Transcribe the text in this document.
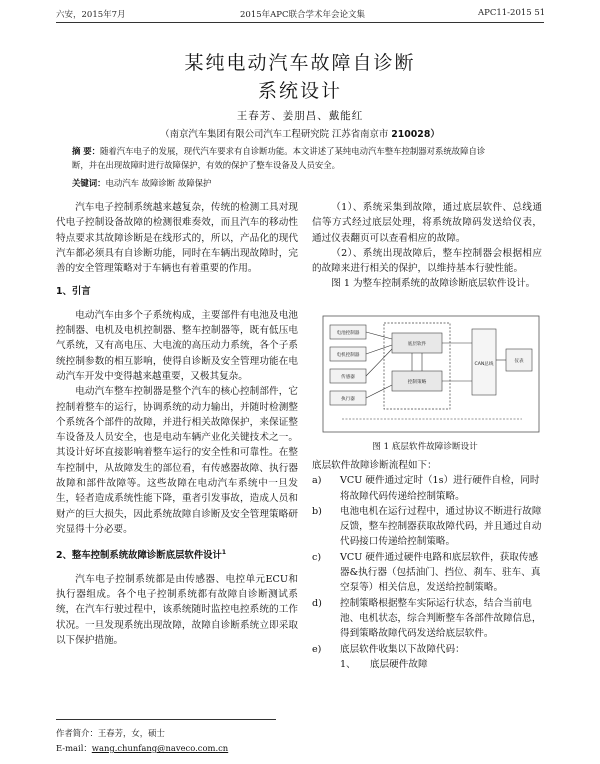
六安，2015年7月	2015年APC联合学术年会论文集	APC11-2015 51
某纯电动汽车故障自诊断
系统设计
王春芳、姜朋昌、戴能红
（南京汽车集团有限公司汽车工程研究院 江苏省南京市 210028）
摘 要：随着汽车电子的发展，现代汽车要求有自诊断功能。本文讲述了某纯电动汽车整车控制器对系统故障自诊
断，并在出现故障时进行故障保护，有效的保护了整车设备及人员安全。
关键词：电动汽车 故障诊断 故障保护

汽车电子控制系统越来越复杂，传统的检测工具对现代电子控制设备故障的检测很难奏效，而且汽车的移动性特点要求其故障诊断是在线形式的，所以，产品化的现代汽车都必须具有自诊断功能，同时在车辆出现故障时，完善的安全管理策略对于车辆也有着重要的作用。

1、引言

电动汽车由多个子系统构成，主要部件有电池及电池控制器、电机及电机控制器、整车控制器等，既有低压电气系统，又有高电压、大电流的高压动力系统，各个子系统控制参数的相互影响，使得自诊断及安全管理功能在电动汽车开发中变得越来越重要，又极其复杂。

电动汽车整车控制器是整个汽车的核心控制部件，它控制着整车的运行，协调系统的动力输出，并随时检测整个系统各个部件的故障，并进行相关故障保护，来保证整车设备及人员安全，也是电动车辆产业化关键技术之一。其设计好坏直接影响着整车运行的安全性和可靠性。在整车控制中，从故障发生的部位看，有传感器故障、执行器故障和部件故障等。这些故障在电动汽车系统中一旦发生，轻者造成系统性能下降，重者引发事故，造成人员和财产的巨大损失，因此系统故障自诊断及安全管理策略研究显得十分必要。

2、整车控制系统故障诊断底层软件设计$^1$

汽车电子控制系统都是由传感器、电控单元ECU和执行器组成。各个电子控制系统都有故障自诊断测试系统，在汽车行驶过程中，该系统随时监控电控系统的工作状况。一旦发现系统出现故障，故障自诊断系统立即采取以下保护措施。

（1）、系统采集到故障，通过底层软件、总线通信等方式经过底层处理，将系统故障码发送给仪表，通过仪表翻页可以查看相应的故障。

（2）、系统出现故障后，整车控制器会根据相应的故障来进行相关的保护，以维持基本行驶性能。

图 1 为整车控制系统的故障诊断底层软件设计。

电池控制器
电机控制器
传感器
执行器
底层软件
控制策略
CAN总线
仪表
图 1 底层软件故障诊断设计
底层软件故障诊断流程如下：
a) VCU 硬件通过定时（1s）进行硬件自检，同时将故障代码传递给控制策略。
b) 电池电机在运行过程中，通过协议不断进行故障反馈，整车控制器获取故障代码，并且通过自动代码接口传递给控制策略。
c) VCU 硬件通过硬件电路和底层软件，获取传感器&执行器（包括油门、挡位、刹车、驻车、真空泵等）相关信息，发送给控制策略。
d) 控制策略根据整车实际运行状态，结合当前电池、电机状态，综合判断整车各部件故障信息，得到策略故障代码发送给底层软件。
e) 底层软件收集以下故障代码：
1、 底层硬件故障
作者简介：王春芳，女，硕士
E-mail：wang.chunfang@naveco.com.cn
